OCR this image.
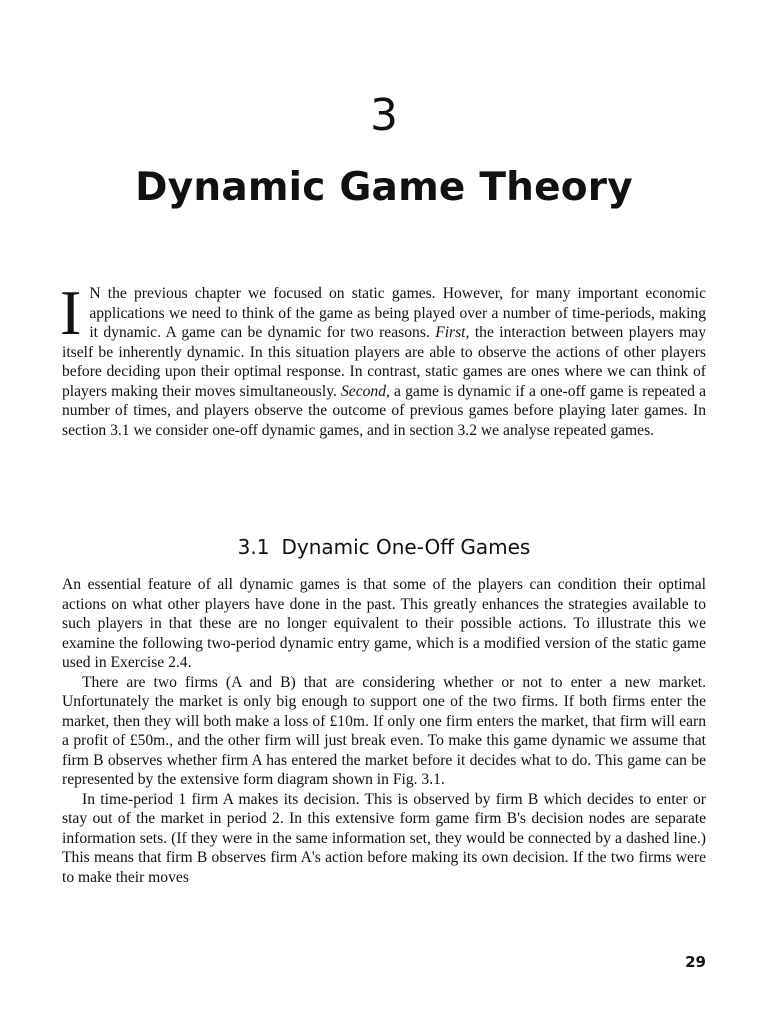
3
Dynamic Game Theory

I N the previous chapter we focused on static games. However, for many important economic applications we need to think of the game as being played over a number of time-periods, making it dynamic. A game can be dynamic for two reasons. First, the interaction between players may itself be inherently dynamic. In this situation players are able to observe the actions of other players before deciding upon their optimal response. In contrast, static games are ones where we can think of players making their moves simultaneously. Second, a game is dynamic if a one-off game is repeated a number of times, and players observe the outcome of previous games before playing later games. In section 3.1 we consider one-off dynamic games, and in section 3.2 we analyse repeated games.

3.1 Dynamic One-Off Games

An essential feature of all dynamic games is that some of the players can condition their optimal actions on what other players have done in the past. This greatly enhances the strategies available to such players in that these are no longer equivalent to their possible actions. To illustrate this we examine the following two-period dynamic entry game, which is a modified version of the static game used in Exercise 2.4.

There are two firms (A and B) that are considering whether or not to enter a new market. Unfortunately the market is only big enough to support one of the two firms. If both firms enter the market, then they will both make a loss of £10m. If only one firm enters the market, that firm will earn a profit of £50m., and the other firm will just break even. To make this game dynamic we assume that firm B observes whether firm A has entered the market before it decides what to do. This game can be represented by the extensive form diagram shown in Fig. 3.1.

In time-period 1 firm A makes its decision. This is observed by firm B which decides to enter or stay out of the market in period 2. In this extensive form game firm B's decision nodes are separate information sets. (If they were in the same information set, they would be connected by a dashed line.) This means that firm B observes firm A's action before making its own decision. If the two firms were to make their moves

29
